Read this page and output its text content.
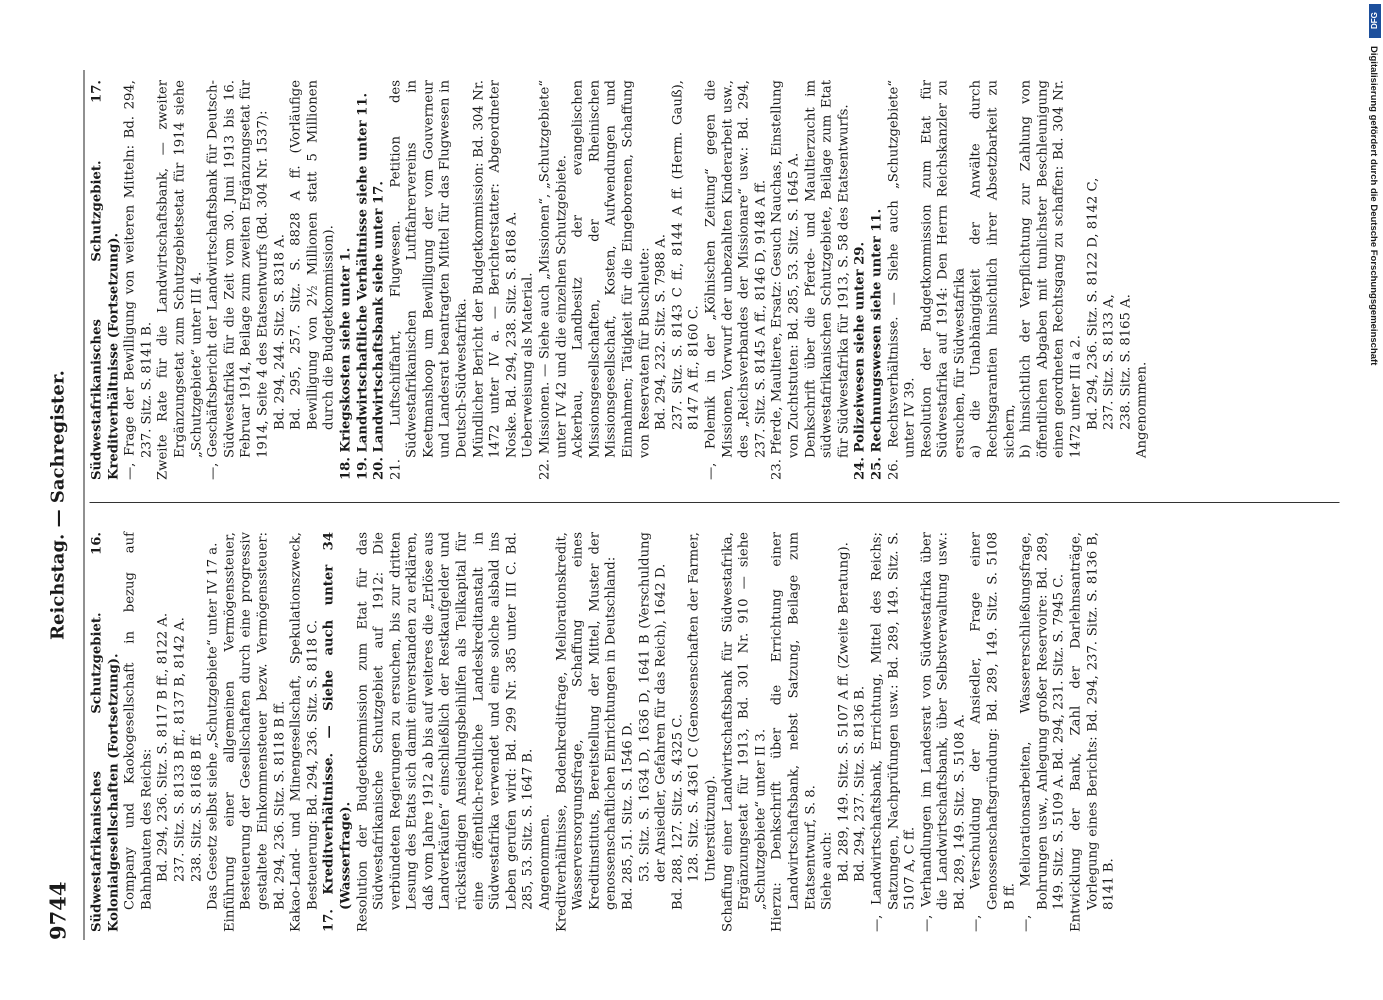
9744
Reichstag. — Sachregister.

Südwestafrikanisches Schutzgebiet. 16. Kolonialgesellschaften (Fortsetzung). Company und Kaokogesellschaft in bezug auf Bahnbauten des Reichs: Bd. 294, 236. Sitz. S. 8117 B ff., 8122 A. 237. Sitz. S. 8133 B ff., 8137 B, 8142 A. 238. Sitz. S. 8168 B ff. Das Gesetz selbst siehe „Schutzgebiete“ unter IV 17 a. Einführung einer allgemeinen Vermögenssteuer, Besteuerung der Gesellschaften durch eine progressiv gestaltete Einkommensteuer bezw. Vermögenssteuer: Bd. 294, 236. Sitz. S. 8118 B ff. Kakao-Land- und Minengesellschaft, Spekulationszweck, Besteuerung: Bd. 294, 236. Sitz. S. 8118 C. 17. Kreditverhältnisse. — Siehe auch unter 34 (Wasserfrage). Resolution der Budgetkommission zum Etat für das Südwestafrikanische Schutzgebiet auf 1912: Die verbündeten Regierungen zu ersuchen, bis zur dritten Lesung des Etats sich damit einverstanden zu erklären, daß vom Jahre 1912 ab bis auf weiteres die „Erlöse aus Landverkäufen“ einschließlich der Restkaufgelder und rückständigen Ansiedlungsbeihilfen als Teilkapital für eine öffentlich-rechtliche Landeskreditanstalt in Südwestafrika verwendet und eine solche alsbald ins Leben gerufen wird: Bd. 299 Nr. 385 unter III C. Bd. 285, 53. Sitz. S. 1647 B. Angenommen. Kreditverhältnisse, Bodenkreditfrage, Meliorationskredit, Wasserversorgungsfrage, Schaffung eines Kreditinstituts, Bereitstellung der Mittel, Muster der genossenschaftlichen Einrichtungen in Deutschland: Bd. 285, 51. Sitz. S. 1546 D. 53. Sitz. S. 1634 D, 1636 D, 1641 B (Verschuldung der Ansiedler, Gefahren für das Reich), 1642 D. Bd. 288, 127. Sitz. S. 4325 C. 128. Sitz. S. 4361 C (Genossenschaften der Farmer, Unterstützung). Schaffung einer Landwirtschaftsbank für Südwestafrika, Ergänzungsetat für 1913, Bd. 301 Nr. 910 — siehe „Schutzgebiete“ unter II 3. Hierzu: Denkschrift über die Errichtung einer Landwirtschaftsbank, nebst Satzung, Beilage zum Etatsentwurf, S. 8. Siehe auch: Bd. 289, 149. Sitz. S. 5107 A ff. (Zweite Beratung). Bd. 294, 237. Sitz. S. 8136 B. —, Landwirtschaftsbank, Errichtung, Mittel des Reichs; Satzungen, Nachprüfungen usw.: Bd. 289, 149. Sitz. S. 5107 A, C ff. —, Verhandlungen im Landesrat von Südwestafrika über die Landwirtschaftsbank, über Selbstverwaltung usw.: Bd. 289, 149. Sitz. S. 5108 A. —, Verschuldung der Ansiedler, Frage einer Genossenschaftsgründung: Bd. 289, 149. Sitz. S. 5108 B ff. —, Meliorationsarbeiten, Wassererschließungsfrage, Bohrungen usw., Anlegung großer Reservoire: Bd. 289, 149. Sitz. S. 5109 A. Bd. 294, 231. Sitz. S. 7945 C. Entwicklung der Bank, Zahl der Darlehnsanträge, Vorlegung eines Berichts: Bd. 294, 237. Sitz. S. 8136 B, 8141 B.

Südwestafrikanisches Schutzgebiet. 17. Kreditverhältnisse (Fortsetzung). —, Frage der Bewilligung von weiteren Mitteln: Bd. 294, 237. Sitz. S. 8141 B. Zweite Rate für die Landwirtschaftsbank, — zweiter Ergänzungsetat zum Schutzgebietsetat für 1914 siehe „Schutzgebiete“ unter III 4. —, Geschäftsbericht der Landwirtschaftsbank für Deutsch-Südwestafrika für die Zeit vom 30. Juni 1913 bis 16. Februar 1914, Beilage zum zweiten Ergänzungsetat für 1914, Seite 4 des Etatsentwurfs (Bd. 304 Nr. 1537): Bd. 294, 244. Sitz. S. 8318 A. Bd. 295, 257. Sitz. S. 8828 A ff. (Vorläufige Bewilligung von 2½ Millionen statt 5 Millionen durch die Budgetkommission). 18. Kriegskosten siehe unter 1. 19. Landwirtschaftliche Verhältnisse siehe unter 11. 20. Landwirtschaftsbank siehe unter 17. 21. Luftschiffahrt, Flugwesen. Petition des Südwestafrikanischen Luftfahrervereins in Keetmanshoop um Bewilligung der vom Gouverneur und Landesrat beantragten Mittel für das Flugwesen in Deutsch-Südwestafrika. Mündlicher Bericht der Budgetkommission: Bd. 304 Nr. 1472 unter IV a. — Berichterstatter: Abgeordneter Noske. Bd. 294, 238. Sitz. S. 8168 A. Ueberweisung als Material. 22. Missionen. — Siehe auch „Missionen“, „Schutzgebiete“ unter IV 42 und die einzelnen Schutzgebiete. Ackerbau, Landbesitz der evangelischen Missionsgesellschaften, der Rheinischen Missionsgesellschaft, Kosten, Aufwendungen und Einnahmen; Tätigkeit für die Eingeborenen, Schaffung von Reservaten für Buschleute: Bd. 294, 232. Sitz. S. 7988 A. 237. Sitz. S. 8143 C ff., 8144 A ff. (Herm. Gauß), 8147 A ff., 8160 C. —, Polemik in der „Kölnischen Zeitung“ gegen die Missionen, Vorwurf der unbezahlten Kinderarbeit usw., des „Reichsverbandes der Missionare“ usw.: Bd. 294, 237. Sitz. S. 8145 A ff., 8146 D, 9148 A ff. 23. Pferde, Maultiere, Ersatz: Gesuch Nauchas, Einstellung von Zuchtstuten: Bd. 285, 53. Sitz. S. 1645 A. Denkschrift über die Pferde- und Maultierzucht im südwestafrikanischen Schutzgebiete, Beilage zum Etat für Südwestafrika für 1913, S. 58 des Etatsentwurfs. 24. Polizeiwesen siehe unter 29. 25. Rechnungswesen siehe unter 11. 26. Rechtsverhältnisse. — Siehe auch „Schutzgebiete“ unter IV 39. Resolution der Budgetkommission zum Etat für Südwestafrika auf 1914: Den Herrn Reichskanzler zu ersuchen, für Südwestafrika a) die Unabhängigkeit der Anwälte durch Rechtsgarantien hinsichtlich ihrer Absetzbarkeit zu sichern, b) hinsichtlich der Verpflichtung zur Zahlung von öffentlichen Abgaben mit tunlichster Beschleunigung einen geordneten Rechtsgang zu schaffen: Bd. 304 Nr. 1472 unter III a 2. Bd. 294, 236. Sitz. S. 8122 D, 8142 C, 237. Sitz. S. 8133 A, 238. Sitz. S. 8165 A. Angenommen.

DFG
Digitalisierung gefördert durch die Deutsche Forschungsgemeinschaft
